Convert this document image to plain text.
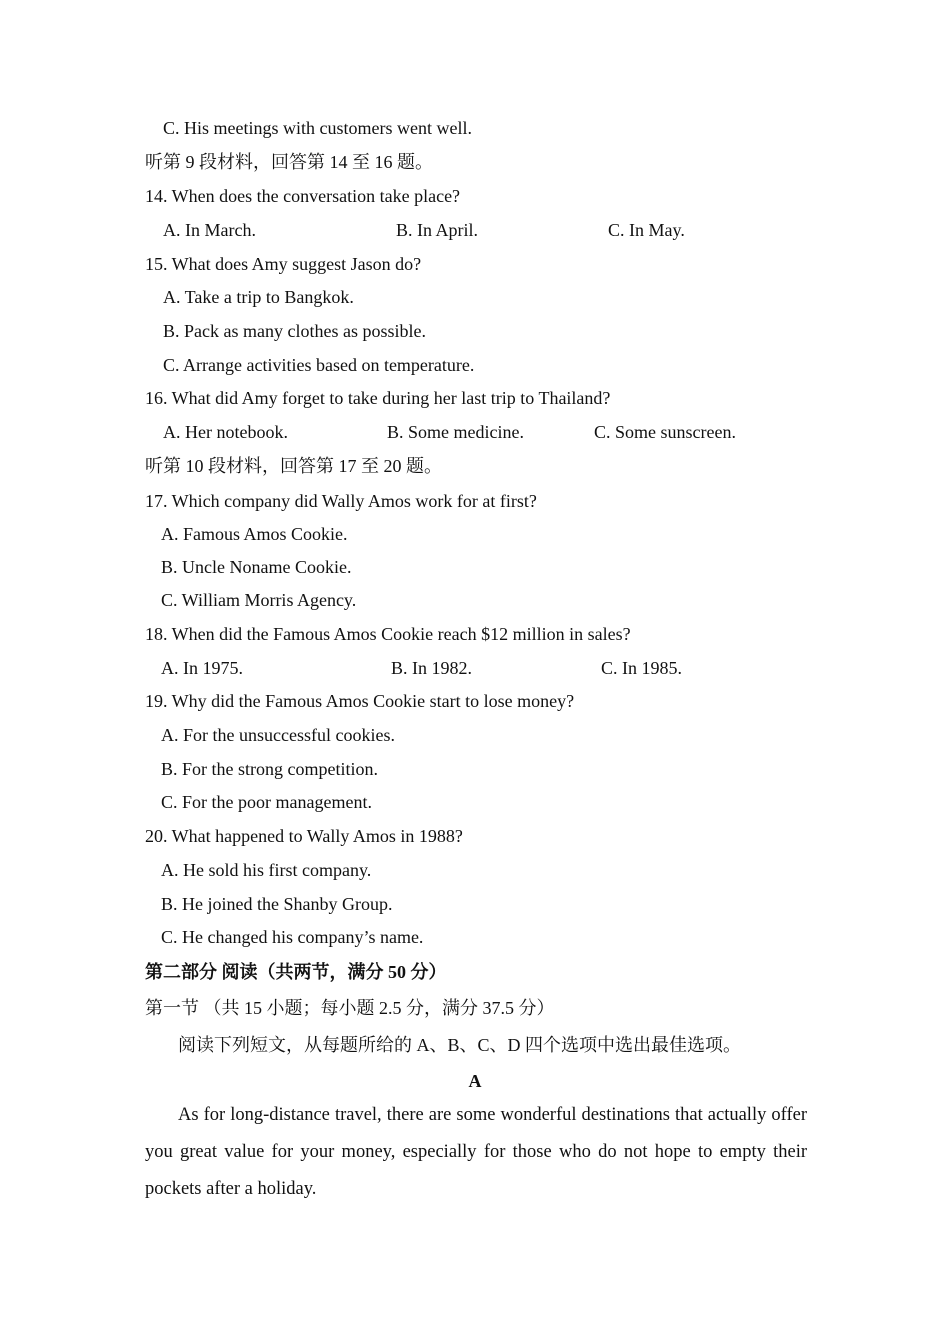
C. His meetings with customers went well.
听第 9 段材料，回答第 14 至 16 题。
14. When does the conversation take place?
A. In March.	B. In April.	C. In May.
15. What does Amy suggest Jason do?
A. Take a trip to Bangkok.
B. Pack as many clothes as possible.
C. Arrange activities based on temperature.
16. What did Amy forget to take during her last trip to Thailand?
A. Her notebook.	B. Some medicine.	C. Some sunscreen.
听第 10 段材料，回答第 17 至 20 题。
17. Which company did Wally Amos work for at first?
A. Famous Amos Cookie.
B. Uncle Noname Cookie.
C. William Morris Agency.
18. When did the Famous Amos Cookie reach $12 million in sales?
A. In 1975.	B. In 1982.	C. In 1985.
19. Why did the Famous Amos Cookie start to lose money?
A. For the unsuccessful cookies.
B. For the strong competition.
C. For the poor management.
20. What happened to Wally Amos in 1988?
A. He sold his first company.
B. He joined the Shanby Group.
C. He changed his company’s name.
第二部分 阅读（共两节，满分 50 分）
第一节 （共 15 小题；每小题 2.5 分，满分 37.5 分）
阅读下列短文，从每题所给的 A、B、C、D 四个选项中选出最佳选项。
A
As for long-distance travel, there are some wonderful destinations that actually offer you great value for your money, especially for those who do not hope to empty their pockets after a holiday.
